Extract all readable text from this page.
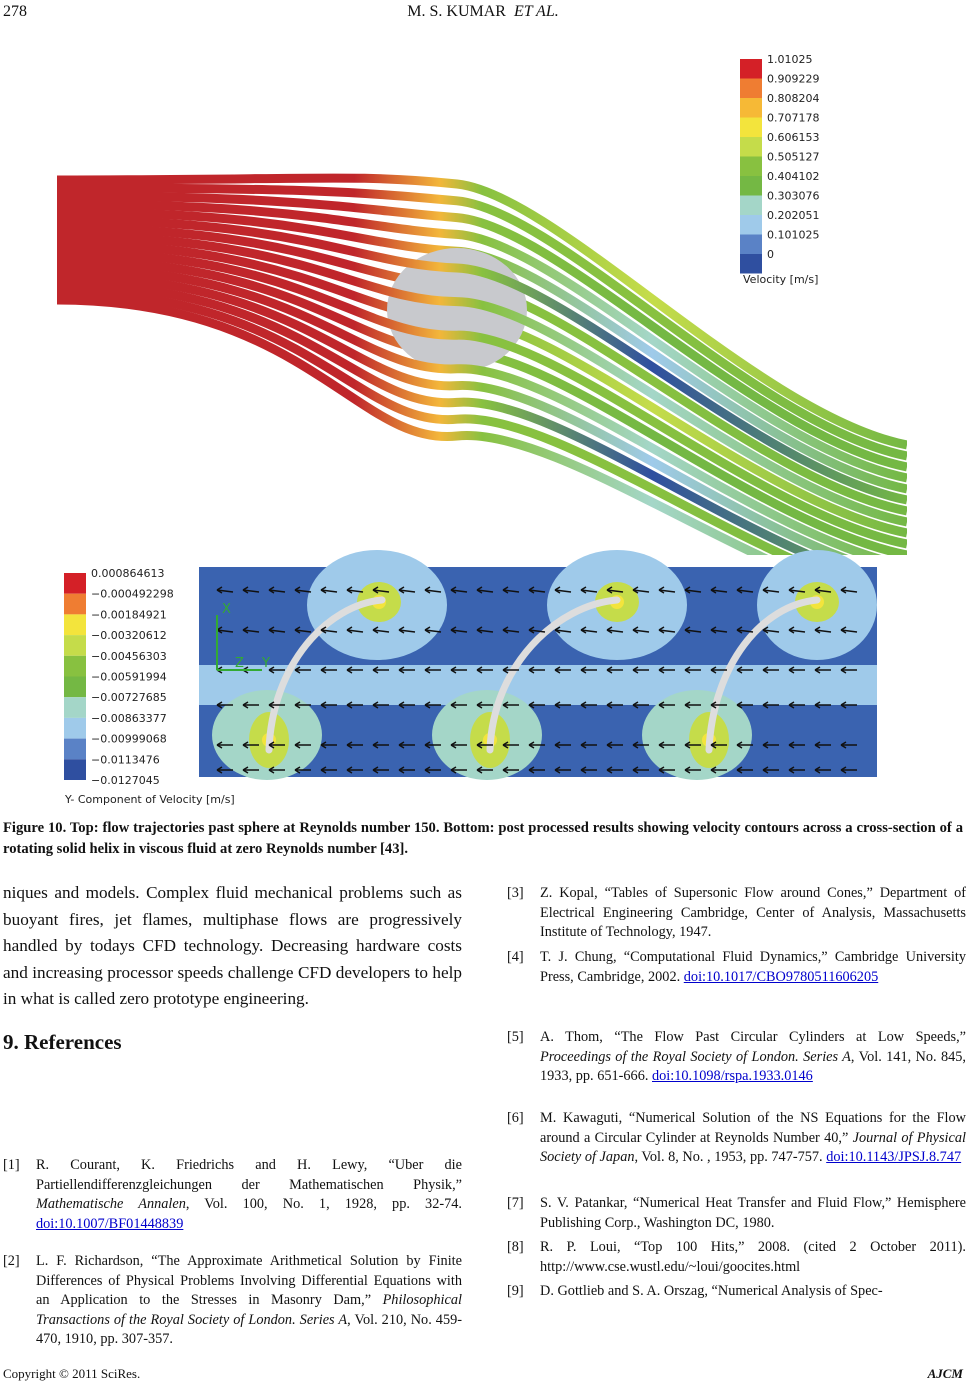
278	M. S. KUMAR ET AL.
1.01025
0.909229
0.808204
0.707178
0.606153
0.505127
0.404102
0.303076
0.202051
0.101025
0
Velocity [m/s]
X
Y
Z
0.000864613
−0.000492298
−0.00184921
−0.00320612
−0.00456303
−0.00591994
−0.00727685
−0.00863377
−0.00999068
−0.0113476
−0.0127045
Y- Component of Velocity [m/s]
Figure 10. Top: flow trajectories past sphere at Reynolds number 150. Bottom: post processed results showing velocity contours across a cross-section of a rotating solid helix in viscous fluid at zero Reynolds number [43].
niques and models. Complex fluid mechanical problems such as buoyant fires, jet flames, multiphase flows are progressively handled by todays CFD technology. Decreasing hardware costs and increasing processor speeds challenge CFD developers to help in what is called zero prototype engineering.
9. References
[1] R. Courant, K. Friedrichs and H. Lewy, “Uber die Partiellendifferenzgleichungen der Mathematischen Physik,” Mathematische Annalen, Vol. 100, No. 1, 1928, pp. 32-74. doi:10.1007/BF01448839
[2] L. F. Richardson, “The Approximate Arithmetical Solution by Finite Differences of Physical Problems Involving Differential Equations with an Application to the Stresses in Masonry Dam,” Philosophical Transactions of the Royal Society of London. Series A, Vol. 210, No. 459-470, 1910, pp. 307-357.
[3] Z. Kopal, “Tables of Supersonic Flow around Cones,” Department of Electrical Engineering Cambridge, Center of Analysis, Massachusetts Institute of Technology, 1947.
[4] T. J. Chung, “Computational Fluid Dynamics,” Cambridge University Press, Cambridge, 2002. doi:10.1017/CBO9780511606205
[5] A. Thom, “The Flow Past Circular Cylinders at Low Speeds,” Proceedings of the Royal Society of London. Series A, Vol. 141, No. 845, 1933, pp. 651-666. doi:10.1098/rspa.1933.0146
[6] M. Kawaguti, “Numerical Solution of the NS Equations for the Flow around a Circular Cylinder at Reynolds Number 40,” Journal of Physical Society of Japan, Vol. 8, No. , 1953, pp. 747-757. doi:10.1143/JPSJ.8.747
[7] S. V. Patankar, “Numerical Heat Transfer and Fluid Flow,” Hemisphere Publishing Corp., Washington DC, 1980.
[8] R. P. Loui, “Top 100 Hits,” 2008. (cited 2 October 2011). http://www.cse.wustl.edu/~loui/goocites.html
[9] D. Gottlieb and S. A. Orszag, “Numerical Analysis of Spec-
Copyright © 2011 SciRes.	AJCM
